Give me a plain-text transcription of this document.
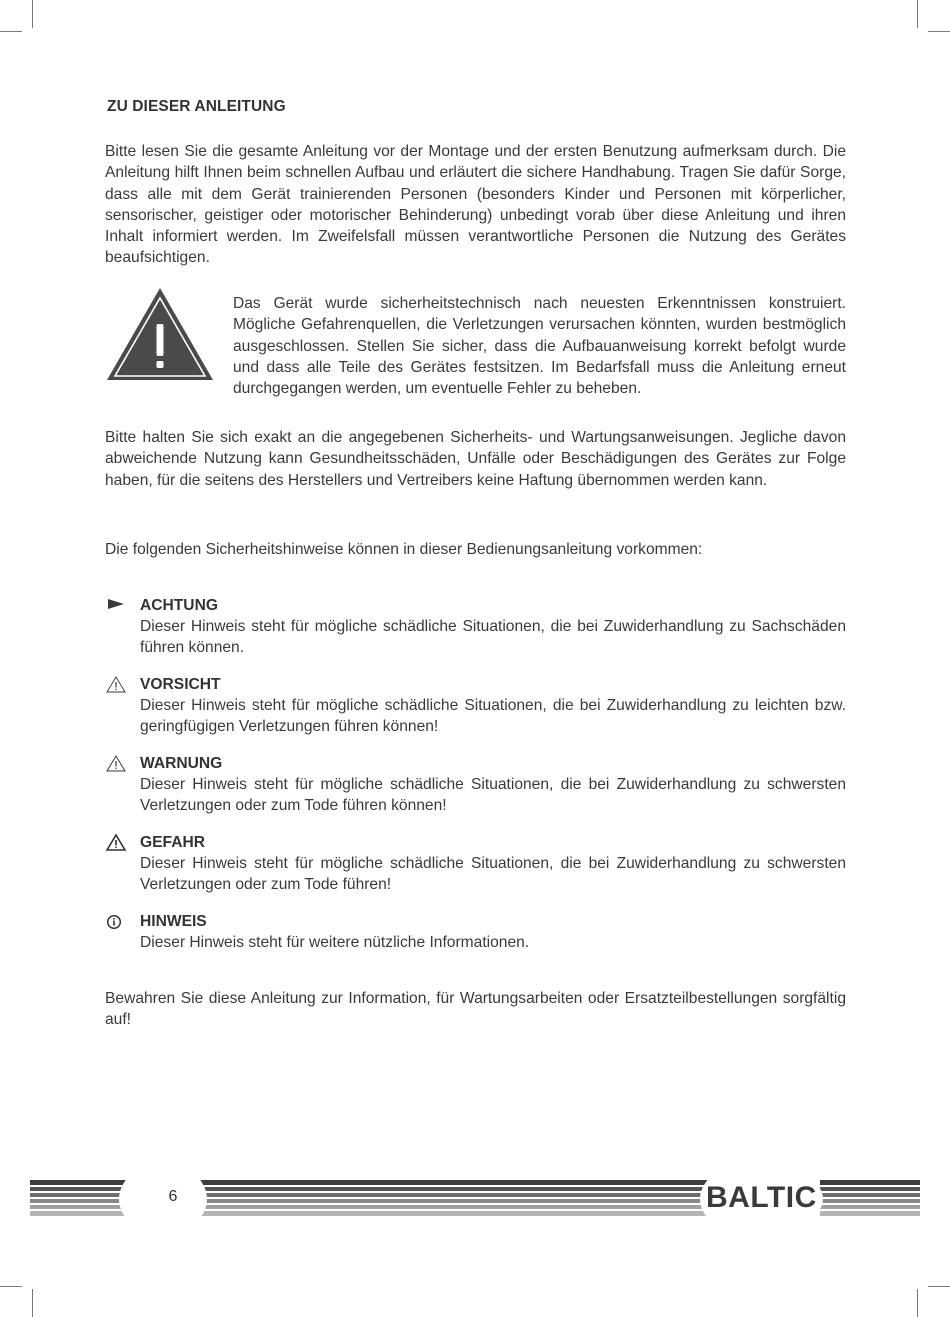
ZU DIESER ANLEITUNG

Bitte lesen Sie die gesamte Anleitung vor der Montage und der ersten Benutzung aufmerksam durch. Die Anleitung hilft Ihnen beim schnellen Aufbau und erläutert die sichere Handhabung. Tragen Sie dafür Sorge, dass alle mit dem Gerät trainierenden Personen (besonders Kinder und Personen mit körperlicher, sensorischer, geistiger oder motorischer Behinderung) unbedingt vorab über diese Anleitung und ihren Inhalt informiert werden. Im Zweifelsfall müssen verantwortliche Personen die Nutzung des Gerätes beaufsichtigen.

Das Gerät wurde sicherheitstechnisch nach neuesten Erkenntnissen konstruiert. Mögliche Gefahrenquellen, die Verletzungen verursachen könnten, wurden bestmöglich ausgeschlossen. Stellen Sie sicher, dass die Aufbauanweisung korrekt befolgt wurde und dass alle Teile des Gerätes festsitzen. Im Bedarfsfall muss die Anleitung erneut durchgegangen werden, um eventuelle Fehler zu beheben.

Bitte halten Sie sich exakt an die angegebenen Sicherheits- und Wartungsanweisungen. Jegliche davon abweichende Nutzung kann Gesundheitsschäden, Unfälle oder Beschädigungen des Gerätes zur Folge haben, für die seitens des Herstellers und Vertreibers keine Haftung übernommen werden kann.

Die folgenden Sicherheitshinweise können in dieser Bedienungsanleitung vorkommen:

ACHTUNG

Dieser Hinweis steht für mögliche schädliche Situationen, die bei Zuwiderhandlung zu Sachschäden führen können.

VORSICHT

Dieser Hinweis steht für mögliche schädliche Situationen, die bei Zuwiderhandlung zu leichten bzw. geringfügigen Verletzungen führen können!

WARNUNG

Dieser Hinweis steht für mögliche schädliche Situationen, die bei Zuwiderhandlung zu schwersten Verletzungen oder zum Tode führen können!

GEFAHR

Dieser Hinweis steht für mögliche schädliche Situationen, die bei Zuwiderhandlung zu schwersten Verletzungen oder zum Tode führen!

HINWEIS

Dieser Hinweis steht für weitere nützliche Informationen.

Bewahren Sie diese Anleitung zur Information, für Wartungsarbeiten oder Ersatzteilbestellungen sorgfältig auf!

6	BALTIC
